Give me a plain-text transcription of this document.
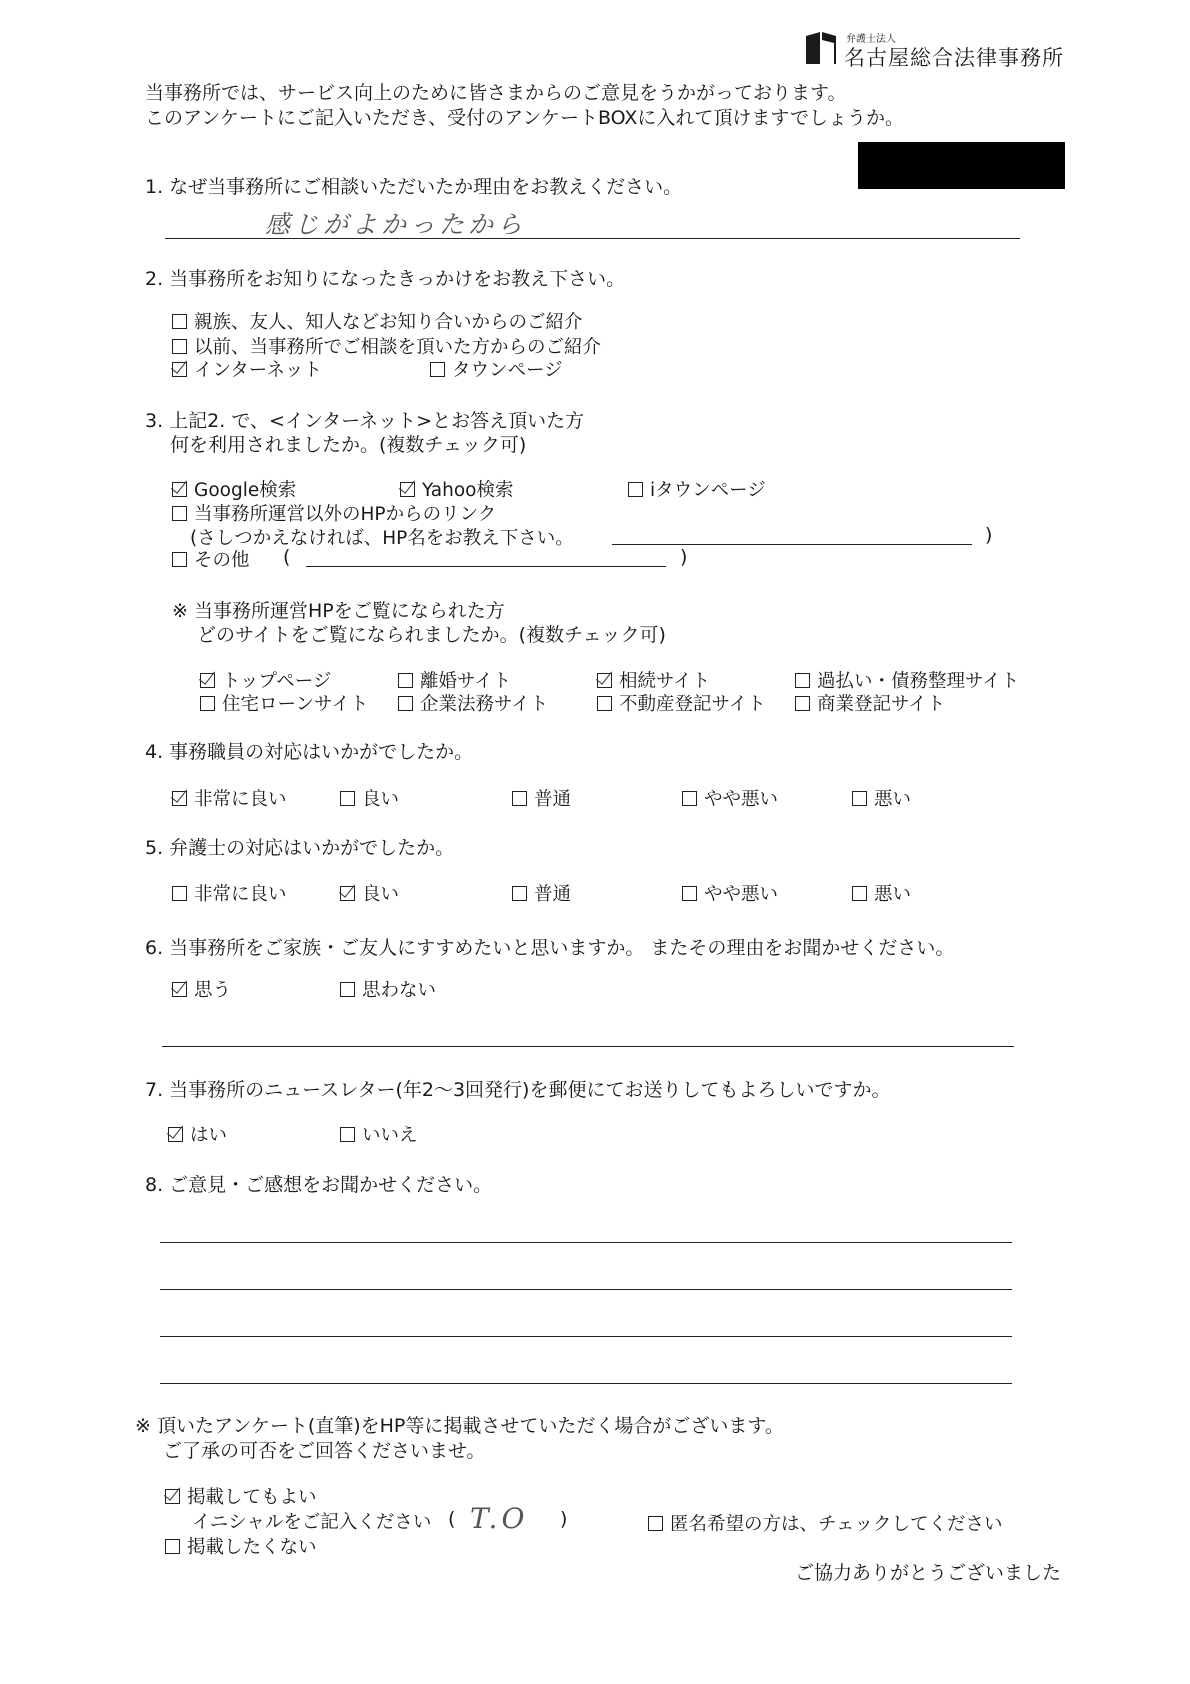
弁護士法人
名古屋総合法律事務所
当事務所では、サービス向上のために皆さまからのご意見をうかがっております。
このアンケートにご記入いただき、受付のアンケートBOXに入れて頂けますでしょうか。
1. なぜ当事務所にご相談いただいたか理由をお教えください。
感じがよかったから
2. 当事務所をお知りになったきっかけをお教え下さい。
親族、友人、知人などお知り合いからのご紹介
以前、当事務所でご相談を頂いた方からのご紹介
インターネット	タウンページ
3. 上記2. で、<インターネット>とお答え頂いた方
何を利用されましたか。(複数チェック可)
Google検索	Yahoo検索	iタウンページ
当事務所運営以外のHPからのリンク
(さしつかえなければ、HP名をお教え下さい。	)
その他 (	)
※ 当事務所運営HPをご覧になられた方
どのサイトをご覧になられましたか。(複数チェック可)
トップページ	離婚サイト	相続サイト	過払い・債務整理サイト
住宅ローンサイト	企業法務サイト	不動産登記サイト	商業登記サイト
4. 事務職員の対応はいかがでしたか。
非常に良い	良い	普通	やや悪い	悪い
5. 弁護士の対応はいかがでしたか。
非常に良い	良い	普通	やや悪い	悪い
6. 当事務所をご家族・ご友人にすすめたいと思いますか。 またその理由をお聞かせください。
思う	思わない
7. 当事務所のニュースレター(年2〜3回発行)を郵便にてお送りしてもよろしいですか。
はい	いいえ
8. ご意見・ご感想をお聞かせください。
※ 頂いたアンケート(直筆)をHP等に掲載させていただく場合がございます。
ご了承の可否をご回答くださいませ。
掲載してもよい
イニシャルをご記入ください ( T.O )	匿名希望の方は、チェックしてください
掲載したくない
ご協力ありがとうございました
